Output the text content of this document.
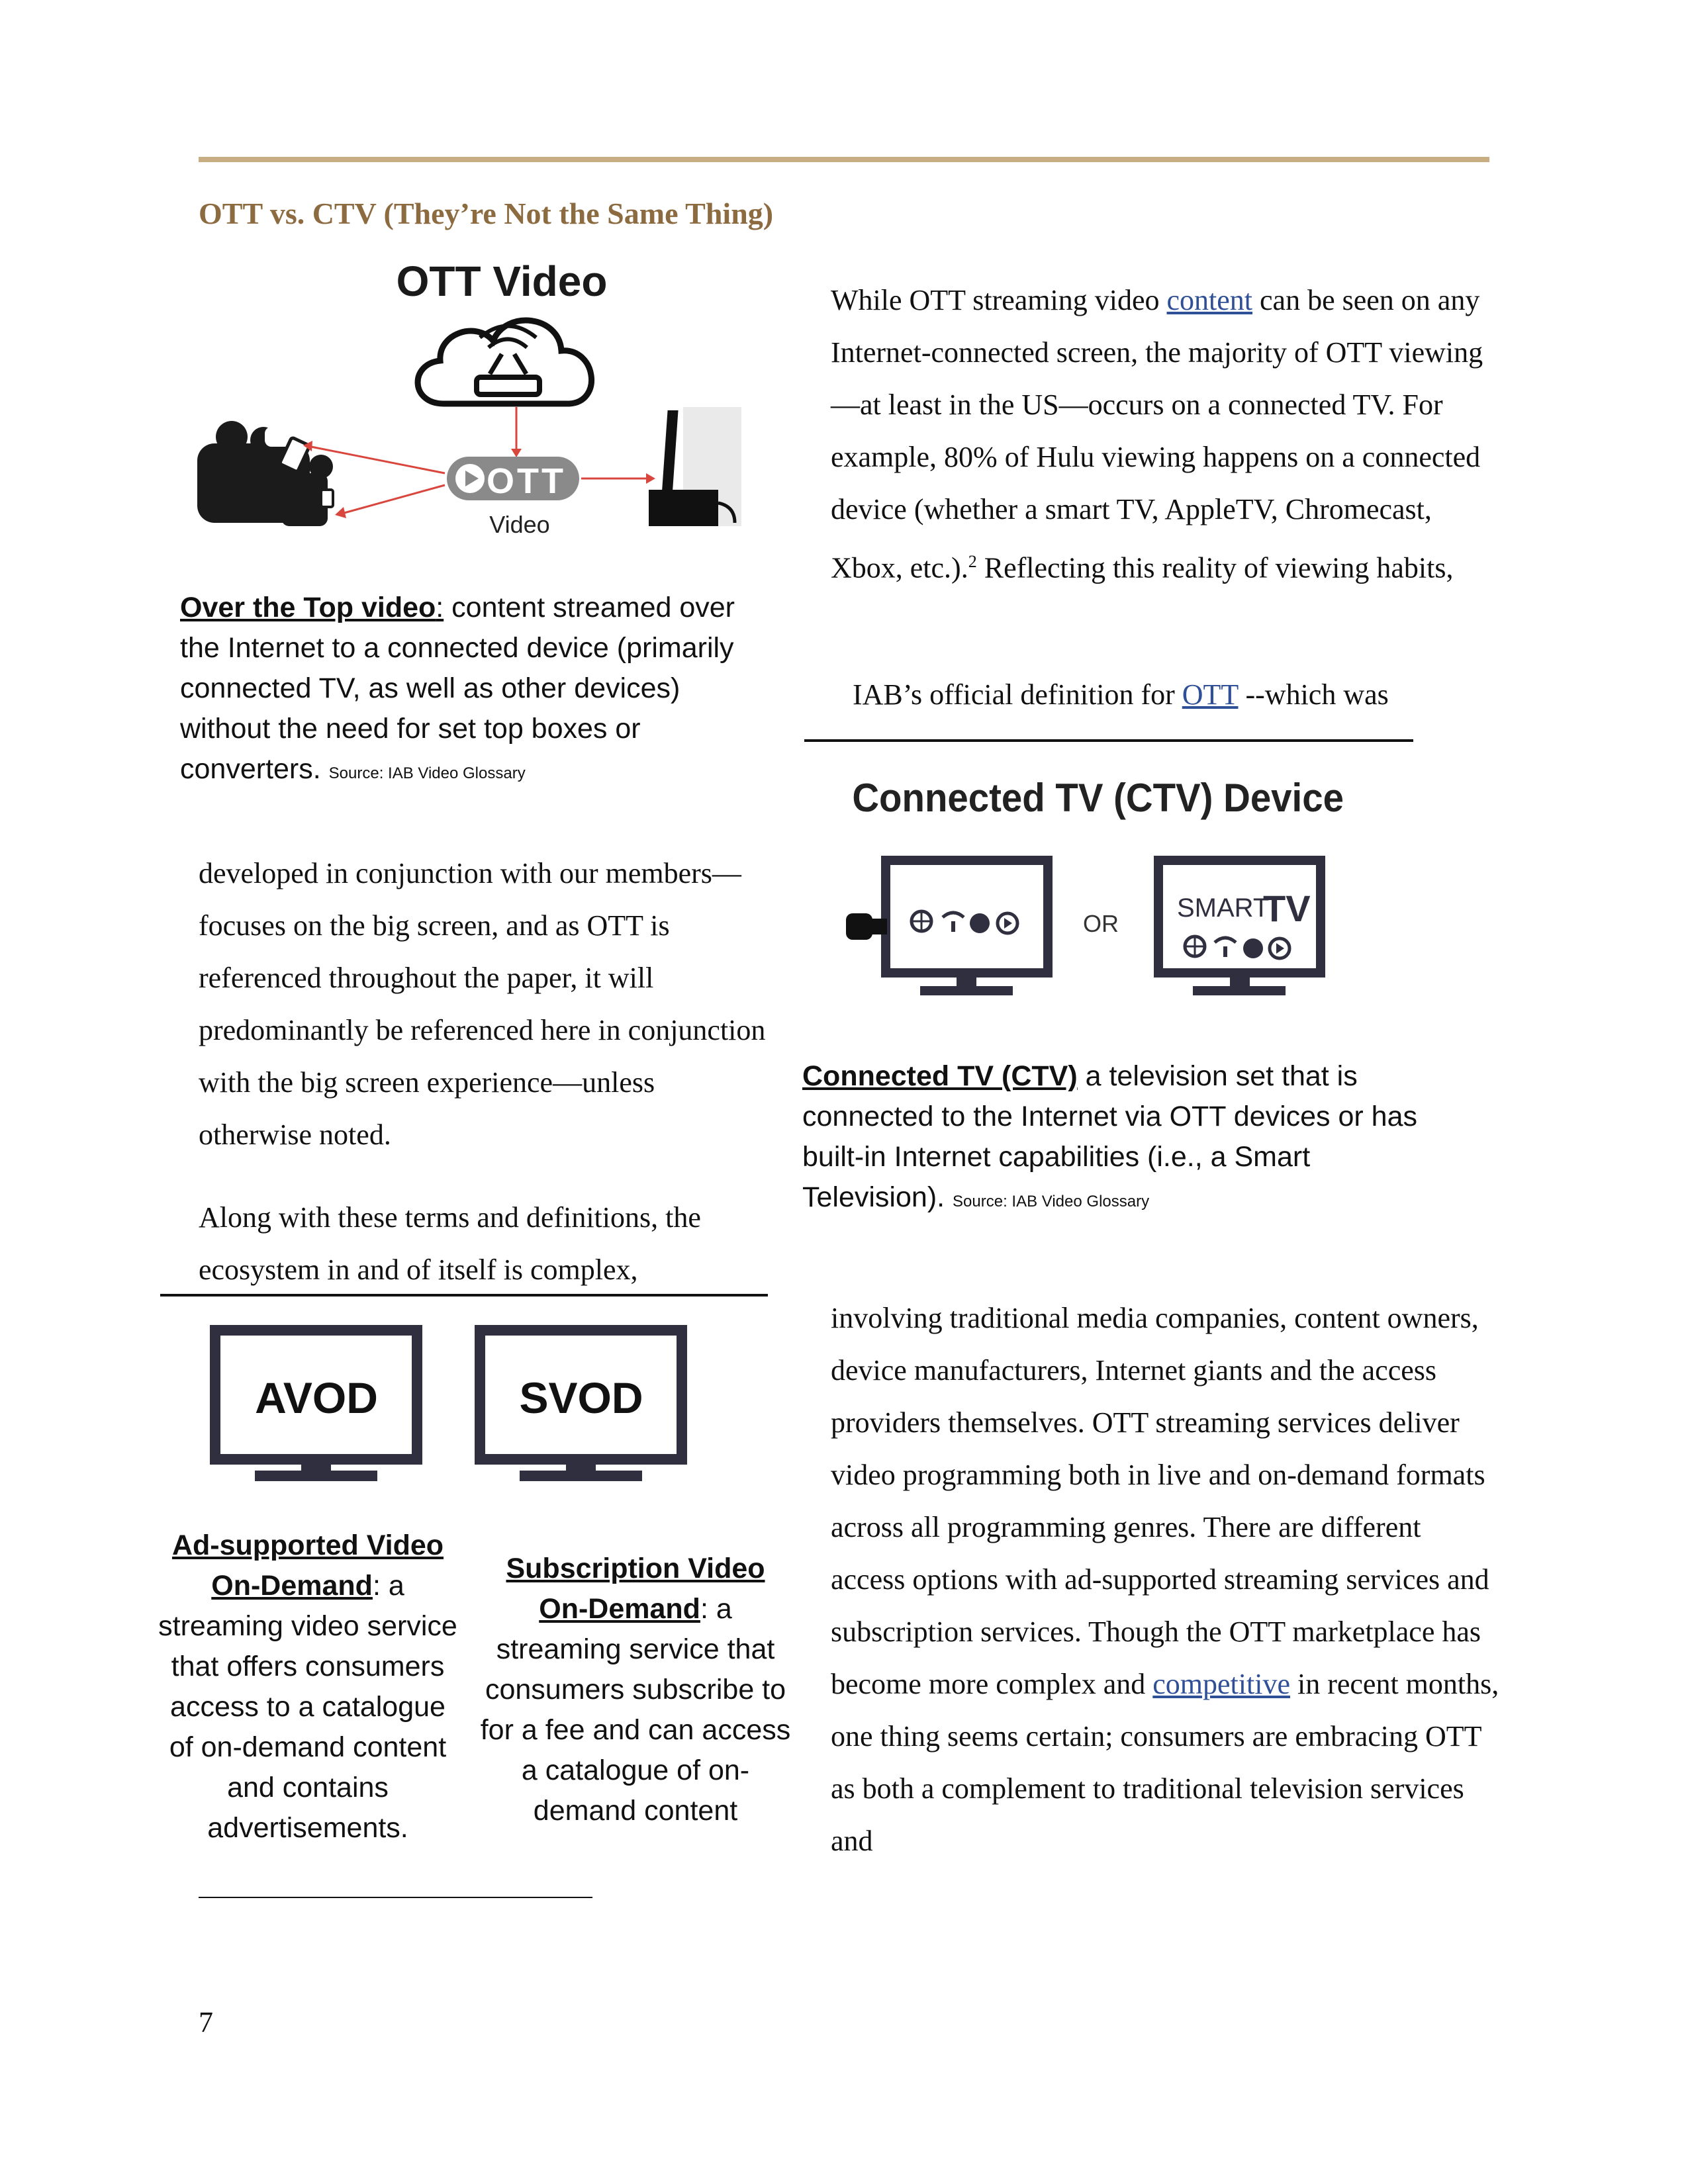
OTT vs. CTV (They’re Not the Same Thing)
OTT Video
OTT
Video
Over the Top video: content streamed over the Internet to a connected device (primarily connected TV, as well as other devices) without the need for set top boxes or converters. Source: IAB Video Glossary
While OTT streaming video content can be seen on any Internet-connected screen, the majority of OTT viewing—at least in the US—occurs on a connected TV. For example, 80% of Hulu viewing happens on a connected device (whether a smart TV, AppleTV, Chromecast, Xbox, etc.).$^2$ Reflecting this reality of viewing habits,
IAB’s official definition for OTT --which was
Connected TV (CTV) Device
OR
SMART
TV
Connected TV (CTV) a television set that is connected to the Internet via OTT devices or has built-in Internet capabilities (i.e., a Smart Television). Source: IAB Video Glossary
developed in conjunction with our members—focuses on the big screen, and as OTT is referenced throughout the paper, it will predominantly be referenced here in conjunction with the big screen experience—unless otherwise noted.
Along with these terms and definitions, the ecosystem in and of itself is complex,
AVOD	SVOD
Ad-supported Video
On-Demand: a streaming video service that offers consumers access to a catalogue of on-demand content and contains advertisements.
Subscription Video
On-Demand: a streaming service that consumers subscribe to for a fee and can access a catalogue of on-demand content
involving traditional media companies, content owners, device manufacturers, Internet giants and the access providers themselves. OTT streaming services deliver video programming both in live and on-demand formats across all programming genres. There are different access options with ad-supported streaming services and subscription services. Though the OTT marketplace has become more complex and competitive in recent months, one thing seems certain; consumers are embracing OTT as both a complement to traditional television services and
7
